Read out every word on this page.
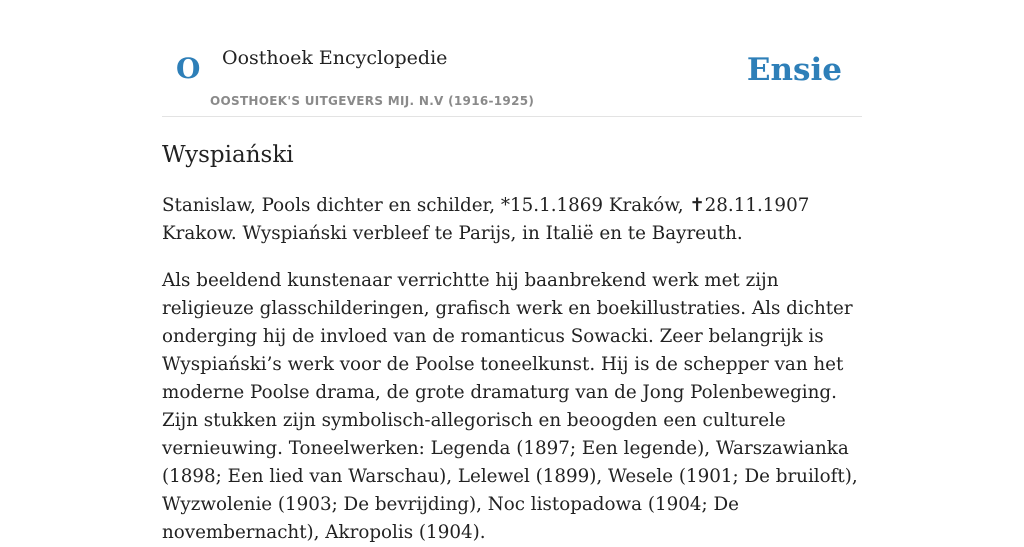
O Oosthoek Encyclopedie
OOSTHOEK'S UITGEVERS MIJ. N.V (1916-1925)
Ensie
Wyspiański

Stanislaw, Pools dichter en schilder, *15.1.1869 Kraków, ✝28.11.1907 Krakow. Wyspiański verbleef te Parijs, in Italië en te Bayreuth.

Als beeldend kunstenaar verrichtte hij baanbrekend werk met zijn religieuze glasschilderingen, grafisch werk en boekillustraties. Als dichter onderging hij de invloed van de romanticus Sowacki. Zeer belangrijk is Wyspiański’s werk voor de Poolse toneelkunst. Hij is de schepper van het moderne Poolse drama, de grote dramaturg van de Jong Polenbeweging. Zijn stukken zijn symbolisch-allegorisch en beoogden een culturele vernieuwing. Toneelwerken: Legenda (1897; Een legende), Warszawianka (1898; Een lied van Warschau), Lelewel (1899), Wesele (1901; De bruiloft), Wyzwolenie (1903; De bevrijding), Noc listopadowa (1904; De novembernacht), Akropolis (1904).
